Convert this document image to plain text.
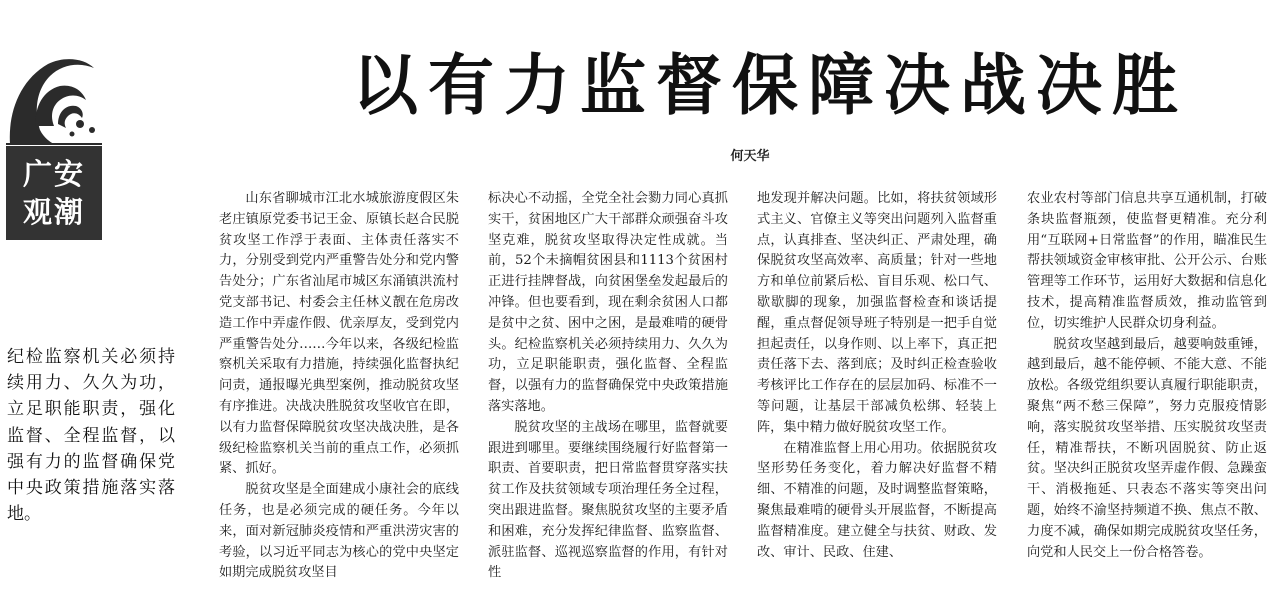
广安
观潮
以有力监督保障决战决胜
何天华
纪检监察机关必须持续用力、久久为功，立足职能职责，强化监督、全程监督，以强有力的监督确保党中央政策措施落实落地。

山东省聊城市江北水城旅游度假区朱老庄镇原党委书记王金、原镇长赵合民脱贫攻坚工作浮于表面、主体责任落实不力，分别受到党内严重警告处分和党内警告处分；广东省汕尾市城区东涌镇洪流村党支部书记、村委会主任林义靓在危房改造工作中弄虚作假、优亲厚友，受到党内严重警告处分……今年以来，各级纪检监察机关采取有力措施，持续强化监督执纪问责，通报曝光典型案例，推动脱贫攻坚有序推进。决战决胜脱贫攻坚收官在即，以有力监督保障脱贫攻坚决战决胜，是各级纪检监察机关当前的重点工作，必须抓紧、抓好。

脱贫攻坚是全面建成小康社会的底线任务，也是必须完成的硬任务。今年以来，面对新冠肺炎疫情和严重洪涝灾害的考验，以习近平同志为核心的党中央坚定如期完成脱贫攻坚目

标决心不动摇，全党全社会勠力同心真抓实干，贫困地区广大干部群众顽强奋斗攻坚克难，脱贫攻坚取得决定性成就。当前，52个未摘帽贫困县和1113个贫困村正进行挂牌督战，向贫困堡垒发起最后的冲锋。但也要看到，现在剩余贫困人口都是贫中之贫、困中之困，是最难啃的硬骨头。纪检监察机关必须持续用力、久久为功，立足职能职责，强化监督、全程监督，以强有力的监督确保党中央政策措施落实落地。

脱贫攻坚的主战场在哪里，监督就要跟进到哪里。要继续围绕履行好监督第一职责、首要职责，把日常监督贯穿落实扶贫工作及扶贫领域专项治理任务全过程，突出跟进监督。聚焦脱贫攻坚的主要矛盾和困难，充分发挥纪律监督、监察监督、派驻监督、巡视巡察监督的作用，有针对性

地发现并解决问题。比如，将扶贫领域形式主义、官僚主义等突出问题列入监督重点，认真排查、坚决纠正、严肃处理，确保脱贫攻坚高效率、高质量；针对一些地方和单位前紧后松、盲目乐观、松口气、歇歇脚的现象，加强监督检查和谈话提醒，重点督促领导班子特别是一把手自觉担起责任，以身作则、以上率下，真正把责任落下去、落到底；及时纠正检查验收考核评比工作存在的层层加码、标准不一等问题，让基层干部减负松绑、轻装上阵，集中精力做好脱贫攻坚工作。

在精准监督上用心用功。依据脱贫攻坚形势任务变化，着力解决好监督不精细、不精准的问题，及时调整监督策略，聚焦最难啃的硬骨头开展监督，不断提高监督精准度。建立健全与扶贫、财政、发改、审计、民政、住建、

农业农村等部门信息共享互通机制，打破条块监督瓶颈，使监督更精准。充分利用“互联网+日常监督”的作用，瞄准民生帮扶领域资金审核审批、公开公示、台账管理等工作环节，运用好大数据和信息化技术，提高精准监督质效，推动监管到位，切实维护人民群众切身利益。

脱贫攻坚越到最后，越要响鼓重锤，越到最后，越不能停顿、不能大意、不能放松。各级党组织要认真履行职能职责，聚焦“两不愁三保障”，努力克服疫情影响，落实脱贫攻坚举措、压实脱贫攻坚责任，精准帮扶，不断巩固脱贫、防止返贫。坚决纠正脱贫攻坚弄虚作假、急躁蛮干、消极拖延、只表态不落实等突出问题，始终不渝坚持频道不换、焦点不散、力度不减，确保如期完成脱贫攻坚任务，向党和人民交上一份合格答卷。
